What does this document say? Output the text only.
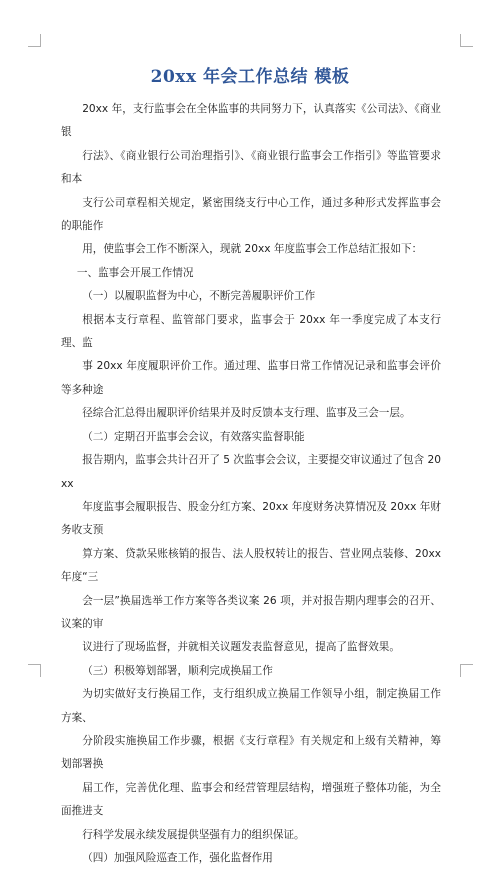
20xx 年会工作总结 模板

20xx 年，支行监事会在全体监事的共同努力下，认真落实《公司法》、《商业银
行法》、《商业银行公司治理指引》、《商业银行监事会工作指引》等监管要求和本
支行公司章程相关规定，紧密围绕支行中心工作，通过多种形式发挥监事会的职能作
用，使监事会工作不断深入，现就 20xx 年度监事会工作总结汇报如下：

一、监事会开展工作情况

（一）以履职监督为中心，不断完善履职评价工作

根据本支行章程、监管部门要求，监事会于 20xx 年一季度完成了本支行理、监
事 20xx 年度履职评价工作。通过理、监事日常工作情况记录和监事会评价等多种途
径综合汇总得出履职评价结果并及时反馈本支行理、监事及三会一层。

（二）定期召开监事会会议，有效落实监督职能

报告期内，监事会共计召开了 5 次监事会会议，主要提交审议通过了包含 20xx
年度监事会履职报告、股金分红方案、20xx 年度财务决算情况及 20xx 年财务收支预
算方案、贷款呆账核销的报告、法人股权转让的报告、营业网点装修、20xx 年度“三
会一层”换届选举工作方案等各类议案 26 项，并对报告期内理事会的召开、议案的审
议进行了现场监督，并就相关议题发表监督意见，提高了监督效果。

（三）积极筹划部署，顺利完成换届工作

为切实做好支行换届工作，支行组织成立换届工作领导小组，制定换届工作方案、
分阶段实施换届工作步骤，根据《支行章程》有关规定和上级有关精神，筹划部署换
届工作，完善优化理、监事会和经营管理层结构，增强班子整体功能，为全面推进支
行科学发展永续发展提供坚强有力的组织保证。

（四）加强风险巡查工作，强化监督作用
